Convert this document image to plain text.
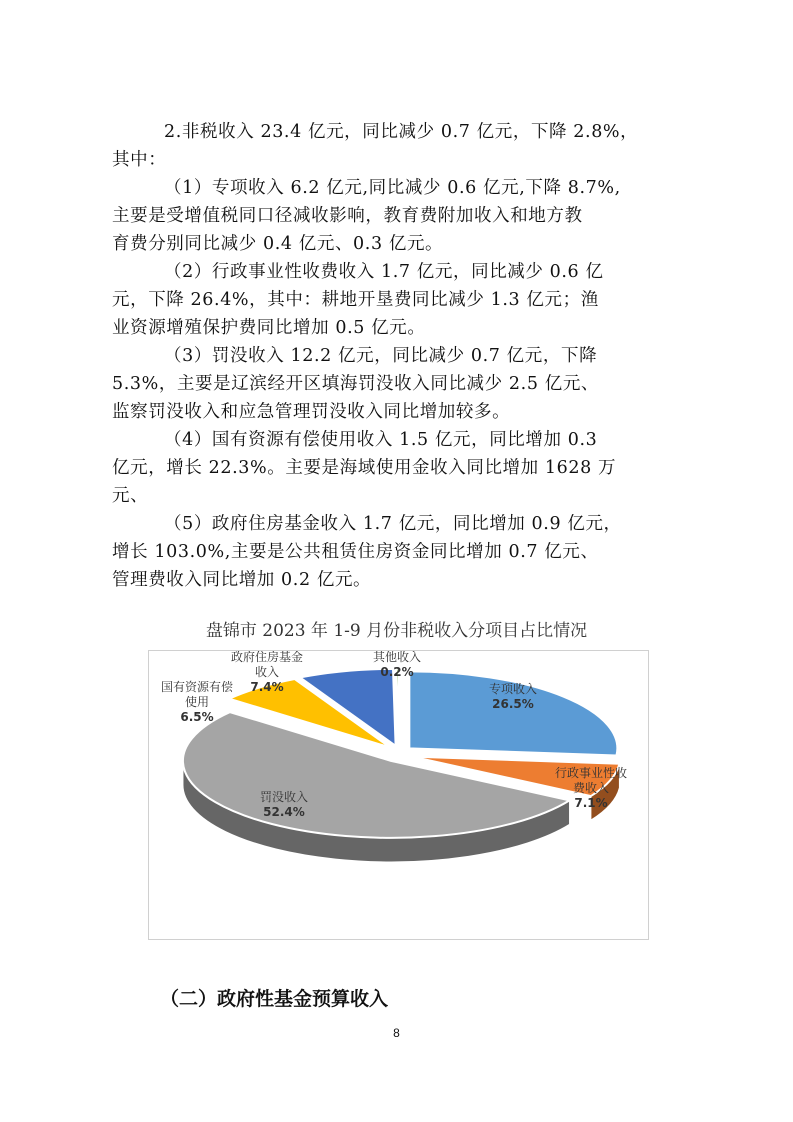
2.非税收入 23.4 亿元，同比减少 0.7 亿元，下降 2.8%，
其中：

（1）专项收入 6.2 亿元,同比减少 0.6 亿元,下降 8.7%,
主要是受增值税同口径减收影响，教育费附加收入和地方教
育费分别同比减少 0.4 亿元、0.3 亿元。

（2）行政事业性收费收入 1.7 亿元，同比减少 0.6 亿
元，下降 26.4%，其中：耕地开垦费同比减少 1.3 亿元；渔
业资源增殖保护费同比增加 0.5 亿元。

（3）罚没收入 12.2 亿元，同比减少 0.7 亿元，下降
5.3%，主要是辽滨经开区填海罚没收入同比减少 2.5 亿元、
监察罚没收入和应急管理罚没收入同比增加较多。

（4）国有资源有偿使用收入 1.5 亿元，同比增加 0.3
亿元，增长 22.3%。主要是海域使用金收入同比增加 1628 万
元、

（5）政府住房基金收入 1.7 亿元，同比增加 0.9 亿元，
增长 103.0%,主要是公共租赁住房资金同比增加 0.7 亿元、
管理费收入同比增加 0.2 亿元。

盘锦市 2023 年 1-9 月份非税收入分项目占比情况
专项收入
26.5%
行政事业性收
费收入
7.1%
罚没收入
52.4%
国有资源有偿
使用
6.5%
政府住房基金
收入
7.4%
其他收入
0.2%
（二）政府性基金预算收入
8
